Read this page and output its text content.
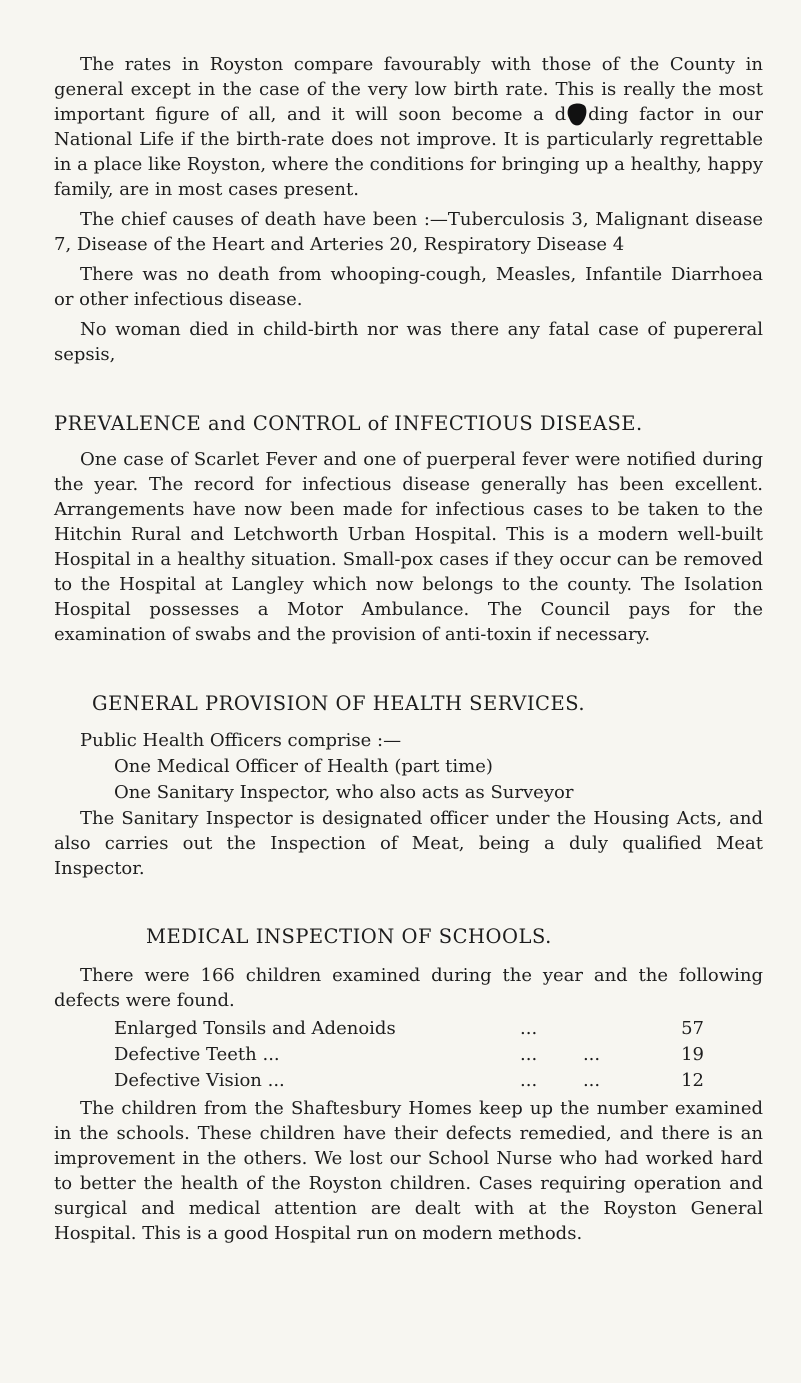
The rates in Royston compare favourably with those of the County in general except in the case of the very low birth rate. This is really the most important figure of all, and it will soon become a d ding factor in our National Life if the birth-rate does not improve. It is particularly regrettable in a place like Royston, where the conditions for bringing up a healthy, happy family, are in most cases present.

The chief causes of death have been :—Tuberculosis 3, Malignant disease 7, Disease of the Heart and Arteries 20, Respiratory Disease 4

There was no death from whooping-cough, Measles, Infantile Diarrhoea or other infectious disease.

No woman died in child-birth nor was there any fatal case of pupereral sepsis,

PREVALENCE and CONTROL of INFECTIOUS DISEASE.

One case of Scarlet Fever and one of puerperal fever were notified during the year. The record for infectious disease generally has been excellent. Arrangements have now been made for infectious cases to be taken to the Hitchin Rural and Letchworth Urban Hospital. This is a modern well-built Hospital in a healthy situation. Small-pox cases if they occur can be removed to the Hospital at Langley which now belongs to the county. The Isolation Hospital possesses a Motor Ambulance. The Council pays for the examination of swabs and the provision of anti-toxin if necessary.

GENERAL PROVISION OF HEALTH SERVICES.
Public Health Officers comprise :—
One Medical Officer of Health (part time)
One Sanitary Inspector, who also acts as Surveyor

The Sanitary Inspector is designated officer under the Housing Acts, and also carries out the Inspection of Meat, being a duly qualified Meat Inspector.

MEDICAL INSPECTION OF SCHOOLS.

There were 166 children examined during the year and the following defects were found.

Enlarged Tonsils and Adenoids	...	57
Defective Teeth ...	...        ...	19
Defective Vision ...	...        ...	12

The children from the Shaftesbury Homes keep up the number examined in the schools. These children have their defects remedied, and there is an improvement in the others. We lost our School Nurse who had worked hard to better the health of the Royston children. Cases requiring operation and surgical and medical attention are dealt with at the Royston General Hospital. This is a good Hospital run on modern methods.
